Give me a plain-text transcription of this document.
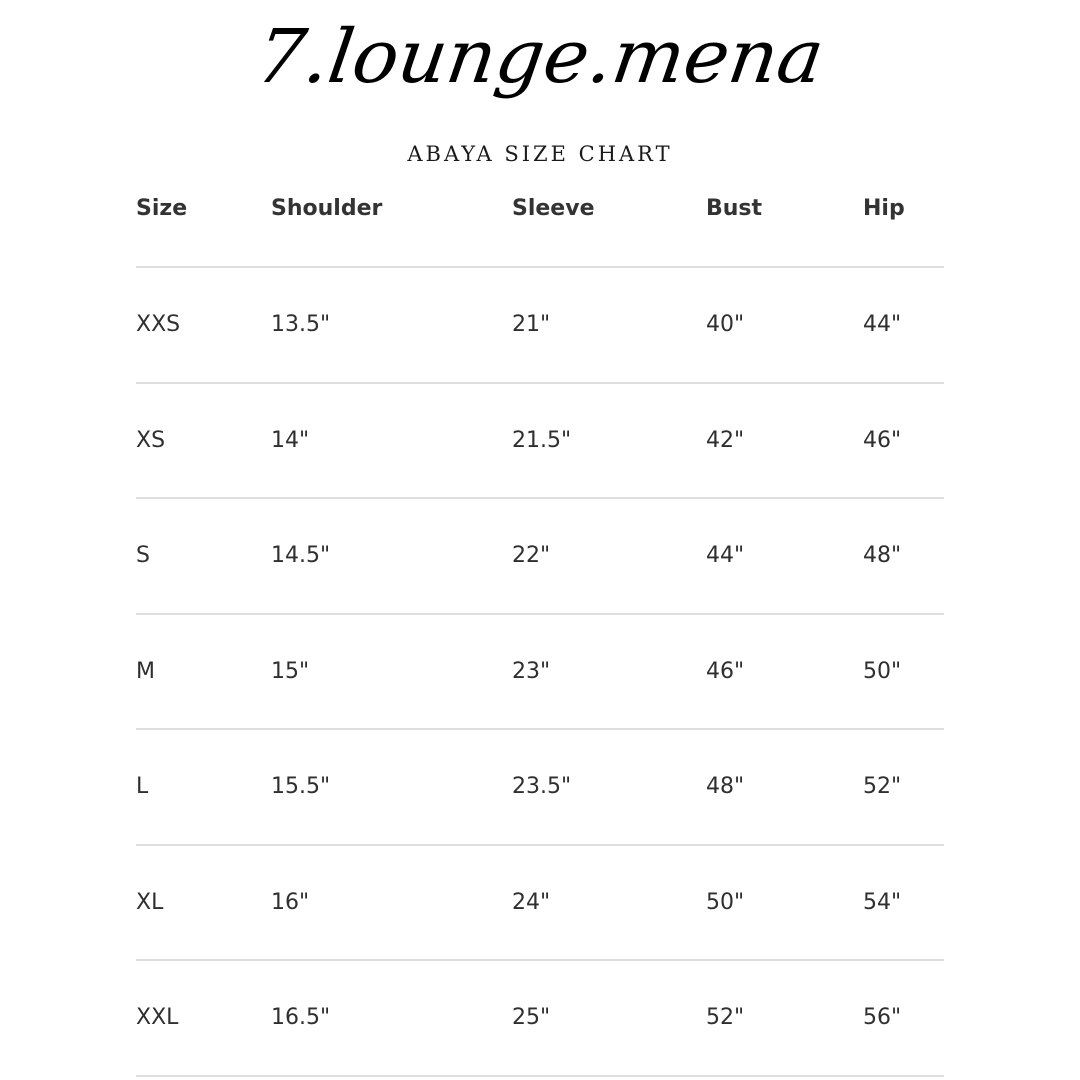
7.lounge.mena
ABAYA SIZE CHART
Size	Shoulder	Sleeve	Bust	Hip
XXS	13.5"	21"	40"	44"
XS	14"	21.5"	42"	46"
S	14.5"	22"	44"	48"
M	15"	23"	46"	50"
L	15.5"	23.5"	48"	52"
XL	16"	24"	50"	54"
XXL	16.5"	25"	52"	56"
